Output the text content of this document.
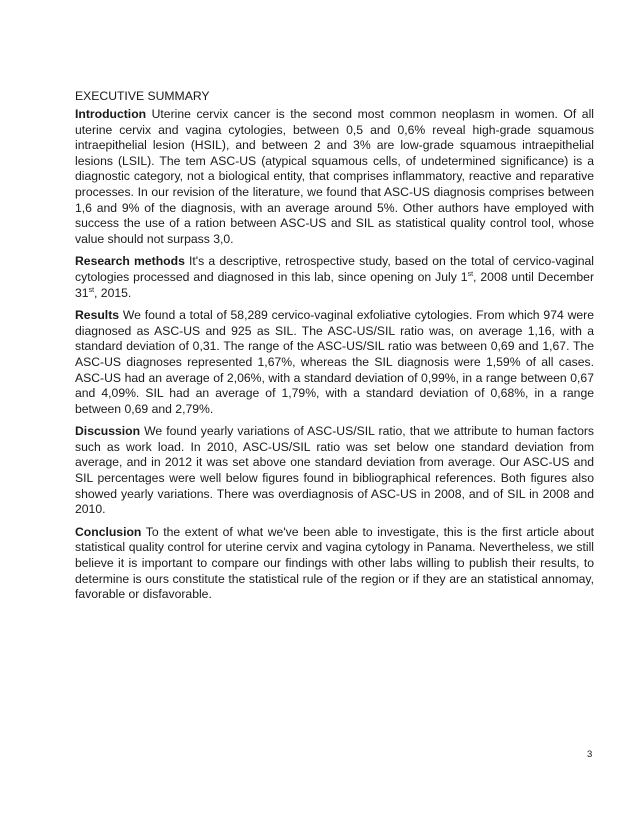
EXECUTIVE SUMMARY

Introduction Uterine cervix cancer is the second most common neoplasm in women. Of all uterine cervix and vagina cytologies, between 0,5 and 0,6% reveal high-grade squamous intraepithelial lesion (HSIL), and between 2 and 3% are low-grade squamous intraepithelial lesions (LSIL). The tem ASC-US (atypical squamous cells, of undetermined significance) is a diagnostic category, not a biological entity, that comprises inflammatory, reactive and reparative processes. In our revision of the literature, we found that ASC-US diagnosis comprises between 1,6 and 9% of the diagnosis, with an average around 5%. Other authors have employed with success the use of a ration between ASC-US and SIL as statistical quality control tool, whose value should not surpass 3,0.

Research methods It's a descriptive, retrospective study, based on the total of cervico-vaginal cytologies processed and diagnosed in this lab, since opening on July 1st, 2008 until December 31st, 2015.

Results We found a total of 58,289 cervico-vaginal exfoliative cytologies. From which 974 were diagnosed as ASC-US and 925 as SIL. The ASC-US/SIL ratio was, on average 1,16, with a standard deviation of 0,31. The range of the ASC-US/SIL ratio was between 0,69 and 1,67. The ASC-US diagnoses represented 1,67%, whereas the SIL diagnosis were 1,59% of all cases. ASC-US had an average of 2,06%, with a standard deviation of 0,99%, in a range between 0,67 and 4,09%. SIL had an average of 1,79%, with a standard deviation of 0,68%, in a range between 0,69 and 2,79%.

Discussion We found yearly variations of ASC-US/SIL ratio, that we attribute to human factors such as work load. In 2010, ASC-US/SIL ratio was set below one standard deviation from average, and in 2012 it was set above one standard deviation from average. Our ASC-US and SIL percentages were well below figures found in bibliographical references. Both figures also showed yearly variations. There was overdiagnosis of ASC-US in 2008, and of SIL in 2008 and 2010.

Conclusion To the extent of what we've been able to investigate, this is the first article about statistical quality control for uterine cervix and vagina cytology in Panama. Nevertheless, we still believe it is important to compare our findings with other labs willing to publish their results, to determine is ours constitute the statistical rule of the region or if they are an statistical annomay, favorable or disfavorable.

3
